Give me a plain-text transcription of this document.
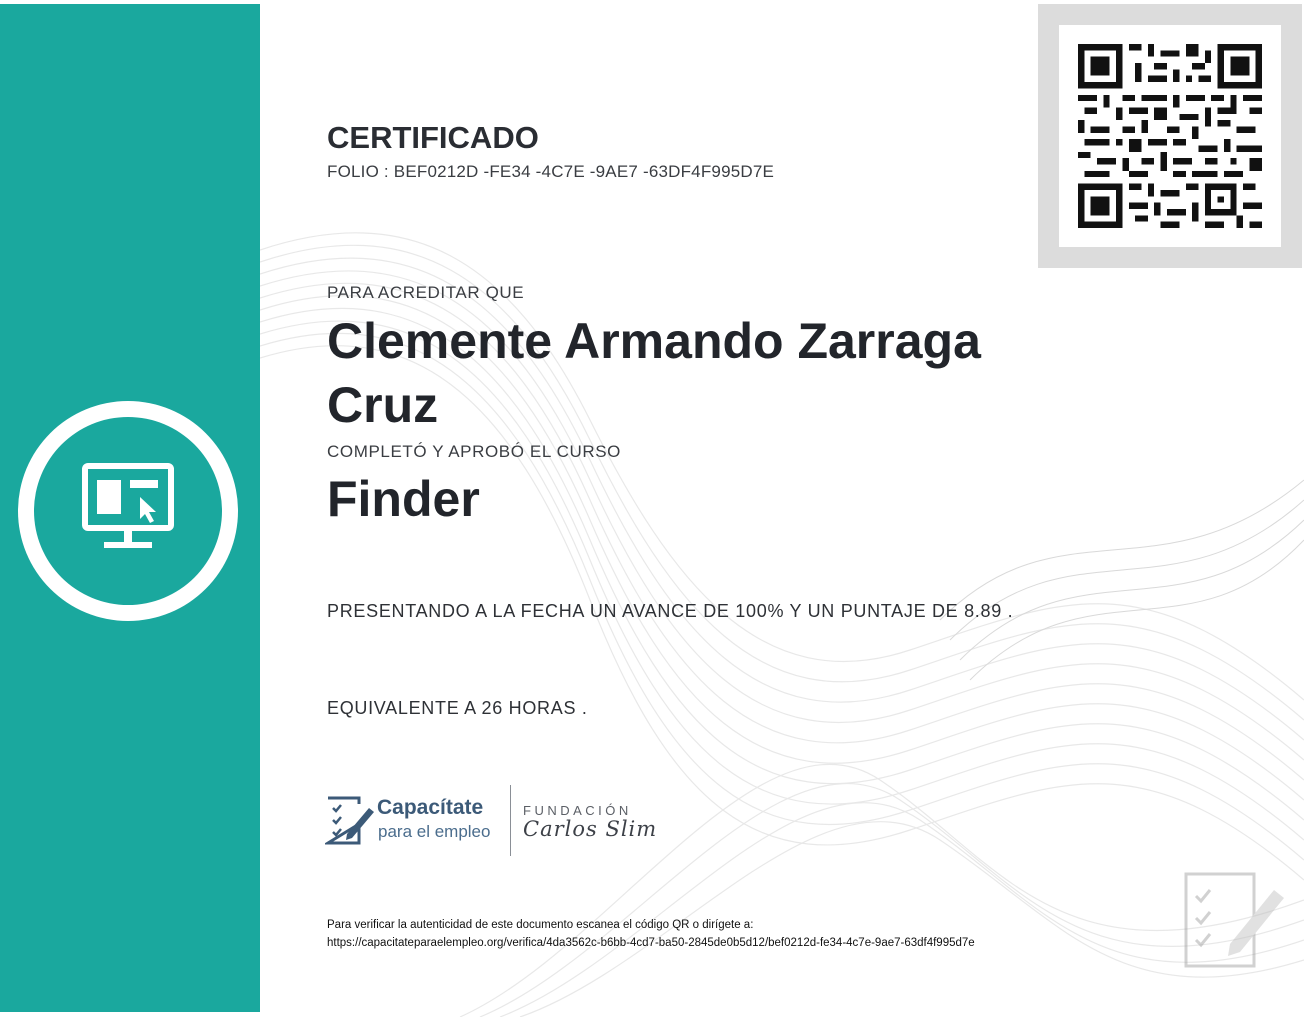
CERTIFICADO
FOLIO : BEF0212D -FE34 -4C7E -9AE7 -63DF4F995D7E
PARA ACREDITAR QUE
Clemente Armando Zarraga Cruz
COMPLETÓ Y APROBÓ EL CURSO
Finder
PRESENTANDO A LA FECHA UN AVANCE DE 100% Y UN PUNTAJE DE 8.89 .
EQUIVALENTE A 26 HORAS .
Capacítate
para el empleo
FUNDACIÓN
Carlos Slim
Para verificar la autenticidad de este documento escanea el código QR o dirígete a:
https://capacitateparaelempleo.org/verifica/4da3562c-b6bb-4cd7-ba50-2845de0b5d12/bef0212d-fe34-4c7e-9ae7-63df4f995d7e
